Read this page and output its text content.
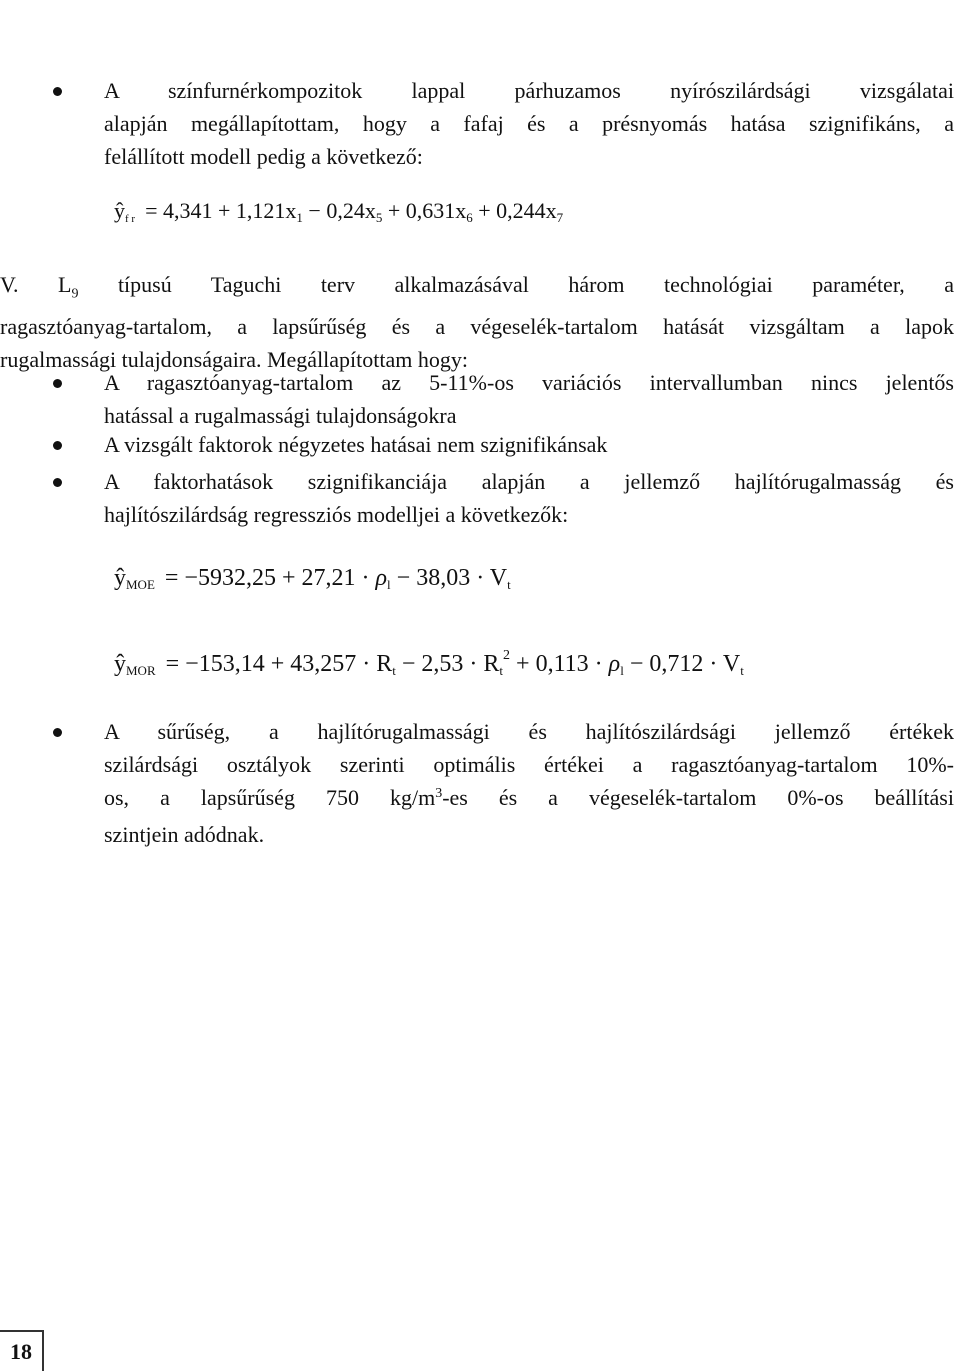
A színfurnérkompozitok lappal párhuzamos nyírószilárdsági vizsgálatai
alapján megállapítottam, hogy a fafaj és a présnyomás hatása szignifikáns, a
felállított modell pedig a következő:
$ŷ_{f r} = 4,341 + 1,121x_1 - 0,24x_5 + 0,631x_6 + 0,244x_7$
V. $L_9$ típusú Taguchi terv alkalmazásával három technológiai paraméter, a
ragasztóanyag-tartalom, a lapsűrűség és a végeselék-tartalom hatását vizsgáltam a lapok
rugalmassági tulajdonságaira. Megállapítottam hogy:
A ragasztóanyag-tartalom az 5-11%-os variációs intervallumban nincs jelentős
hatással a rugalmassági tulajdonságokra
A vizsgált faktorok négyzetes hatásai nem szignifikánsak
A faktorhatások szignifikanciája alapján a jellemző hajlítórugalmasság és
hajlítószilárdság regressziós modelljei a következők:
$ŷ_{MOE} = -5932,25 + 27,21 \cdot \rho_l - 38,03 \cdot V_t$
$ŷ_{MOR} = -153,14 + 43,257 \cdot R_t - 2,53 \cdot R_t^2 + 0,113 \cdot \rho_l - 0,712 \cdot V_t$
A sűrűség, a hajlítórugalmassági és hajlítószilárdsági jellemző értékek
szilárdsági osztályok szerinti optimális értékei a ragasztóanyag-tartalom 10%-
os, a lapsűrűség 750 $kg/m^3-es$ és a végeselék-tartalom 0%-os beállítási
szintjein adódnak.
18
